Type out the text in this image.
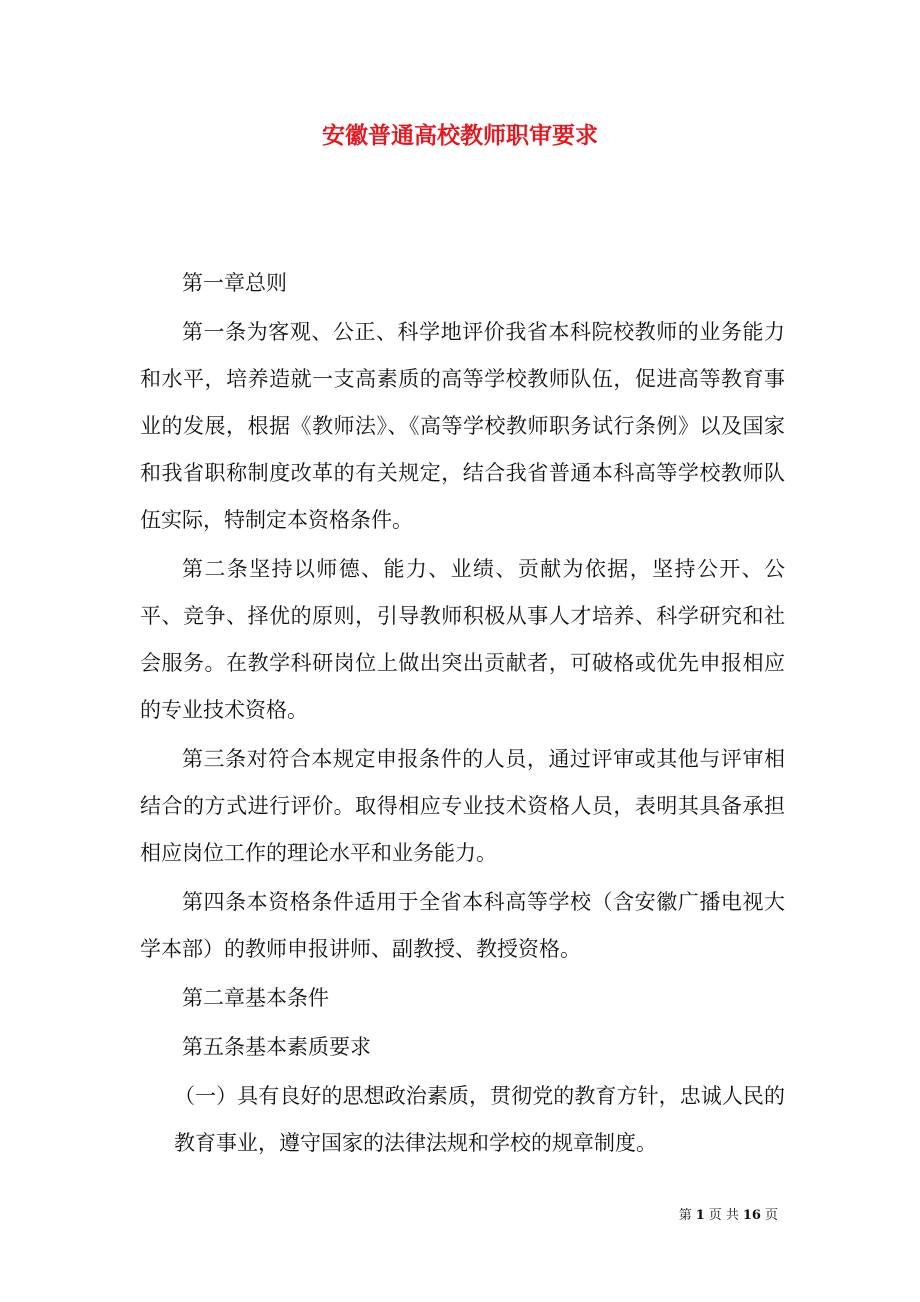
安徽普通高校教师职审要求

第一章总则

第一条为客观、公正、科学地评价我省本科院校教师的业务能力和水平，培养造就一支高素质的高等学校教师队伍，促进高等教育事业的发展，根据《教师法》、《高等学校教师职务试行条例》以及国家和我省职称制度改革的有关规定，结合我省普通本科高等学校教师队伍实际，特制定本资格条件。

第二条坚持以师德、能力、业绩、贡献为依据，坚持公开、公平、竞争、择优的原则，引导教师积极从事人才培养、科学研究和社会服务。在教学科研岗位上做出突出贡献者，可破格或优先申报相应的专业技术资格。

第三条对符合本规定申报条件的人员，通过评审或其他与评审相结合的方式进行评价。取得相应专业技术资格人员，表明其具备承担相应岗位工作的理论水平和业务能力。

第四条本资格条件适用于全省本科高等学校（含安徽广播电视大学本部）的教师申报讲师、副教授、教授资格。

第二章基本条件

第五条基本素质要求

（一）具有良好的思想政治素质，贯彻党的教育方针，忠诚人民的教育事业，遵守国家的法律法规和学校的规章制度。

第 1 页 共 16 页
